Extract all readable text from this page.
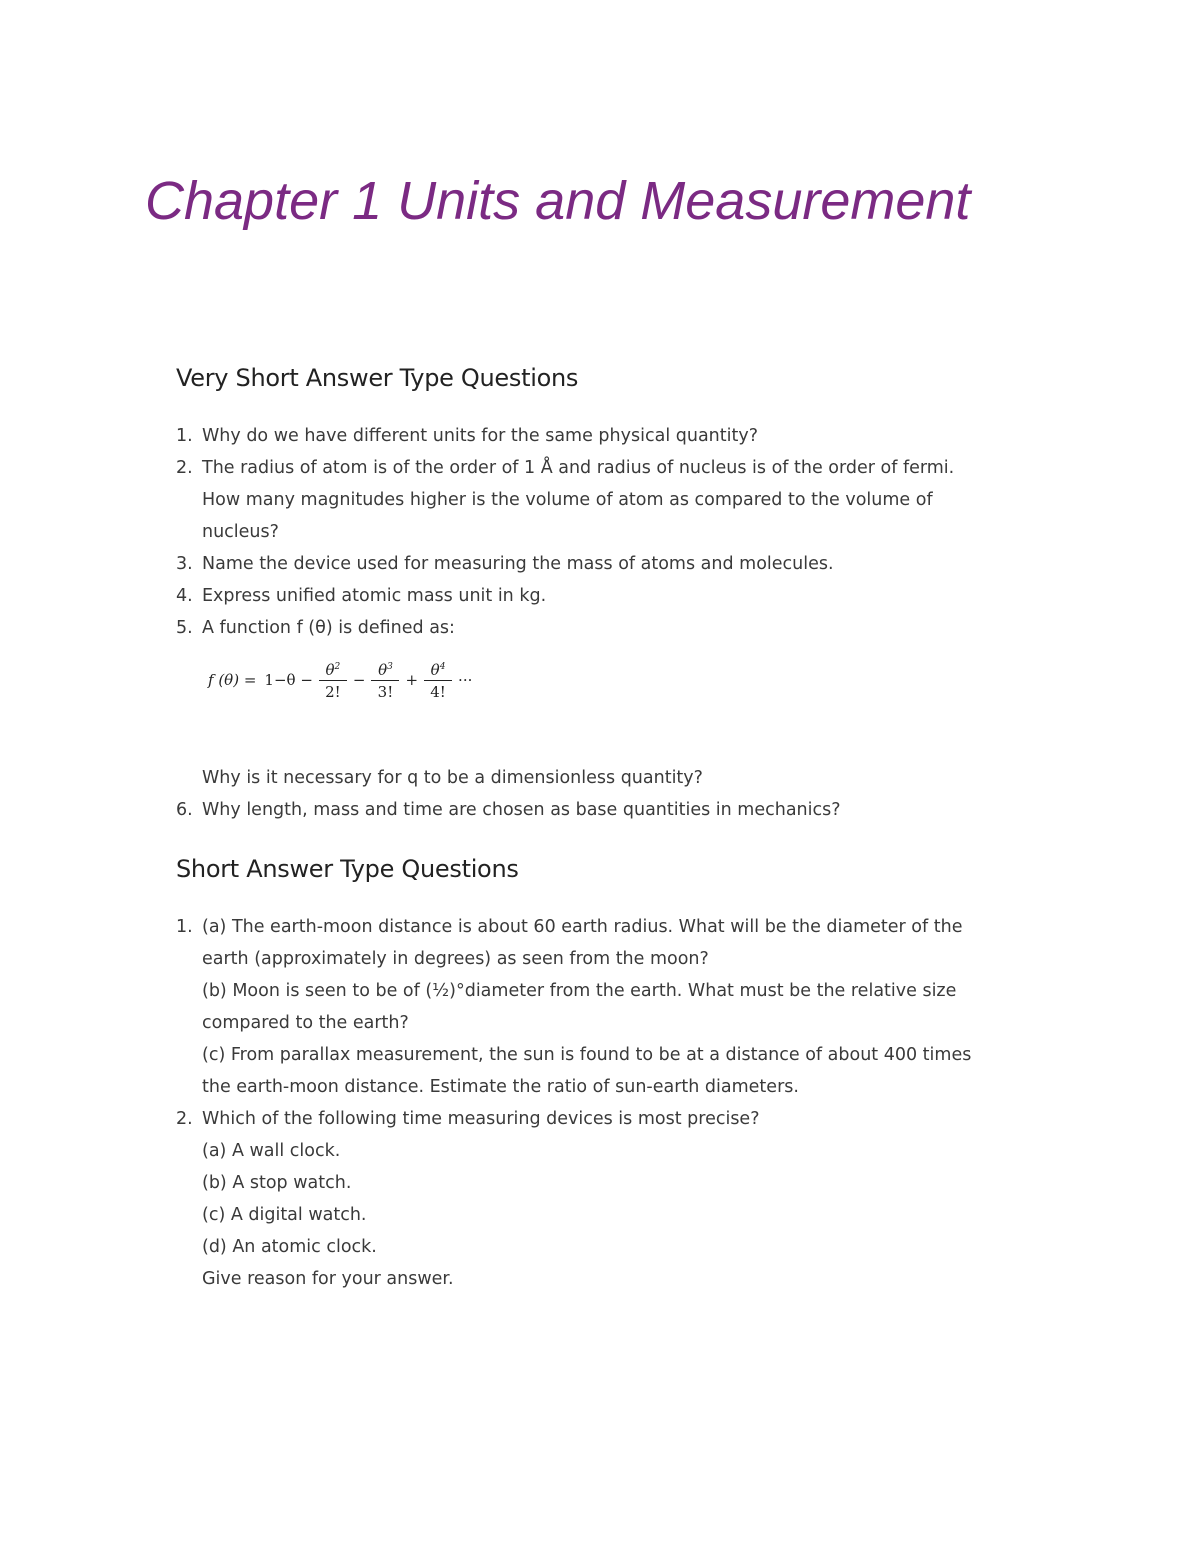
Chapter 1 Units and Measurement
Very Short Answer Type Questions
1. Why do we have different units for the same physical quantity?
2. The radius of atom is of the order of 1 Å and radius of nucleus is of the order of fermi.
How many magnitudes higher is the volume of atom as compared to the volume of
nucleus?
3. Name the device used for measuring the mass of atoms and molecules.
4. Express unified atomic mass unit in kg.
5. A function f (θ) is defined as:
f $(\theta) = 1-\theta - \frac{\theta^2}{2!} - \frac{\theta^3}{3!} + \frac{\theta^4}{4!}$ ···
Why is it necessary for q to be a dimensionless quantity?
6. Why length, mass and time are chosen as base quantities in mechanics?
Short Answer Type Questions
1. (a) The earth-moon distance is about 60 earth radius. What will be the diameter of the
earth (approximately in degrees) as seen from the moon?
(b) Moon is seen to be of (½)°diameter from the earth. What must be the relative size
compared to the earth?
(c) From parallax measurement, the sun is found to be at a distance of about 400 times
the earth-moon distance. Estimate the ratio of sun-earth diameters.
2. Which of the following time measuring devices is most precise?
(a) A wall clock.
(b) A stop watch.
(c) A digital watch.
(d) An atomic clock.
Give reason for your answer.
